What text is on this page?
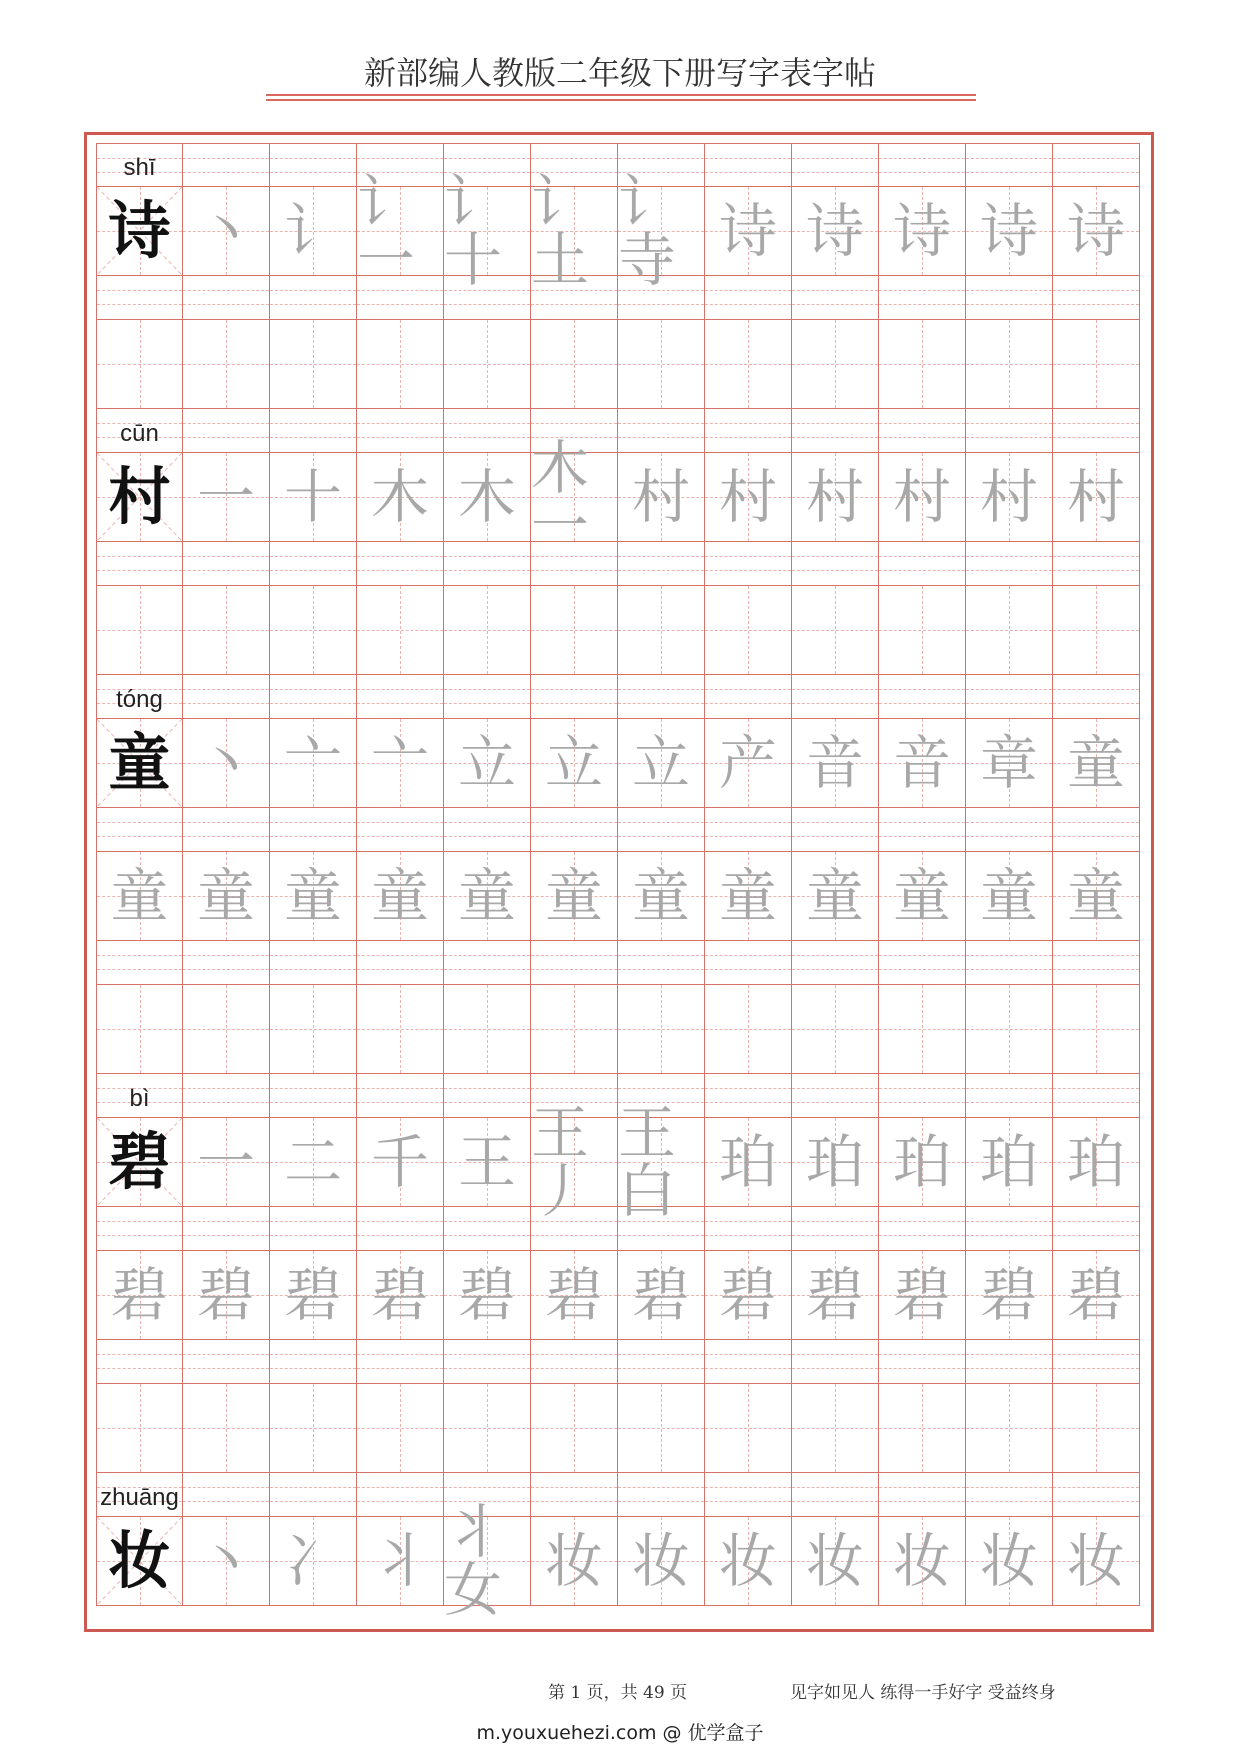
新部编人教版二年级下册写字表字帖
shī
诗 丶 讠 讠一
讠十
讠土
讠寺 诗 诗 诗 诗 诗
cūn
村 一 十 木 木 木一 村 村 村 村 村 村
tóng
童 丶 亠 亠 立 立 立 产 音 音 章 童
童 童 童 童 童 童 童 童 童 童 童 童
bì
碧 一 二 千 王 王丿
王白 珀 珀 珀 珀 珀
碧 碧 碧 碧 碧 碧 碧 碧 碧 碧 碧 碧
zhuāng
妆 丶 冫 丬 丬女 妆 妆 妆 妆 妆 妆 妆
第 1 页，共 49 页	见字如见人 练得一手好字 受益终身
m.youxuehezi.com @ 优学盒子
